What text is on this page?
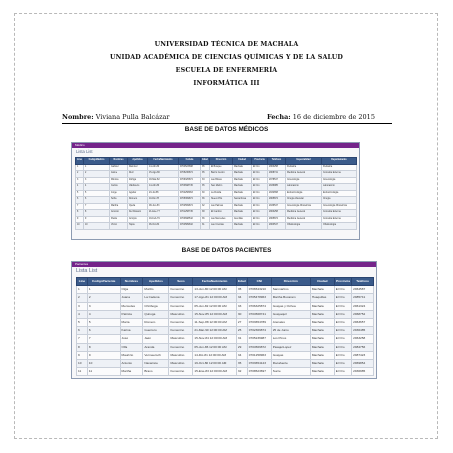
UNIVERSIDAD TÉCNICA DE MACHALA
UNIDAD ACADÉMICA DE CIENCIAS QUÍMICAS Y DE LA SALUD
ESCUELA DE ENFERMERÍA
INFORMÁTICA III
Nombre: Viviana Pulla Balcázar	Fecha: 16 de diciembre de 2015
BASE DE DATOS MÉDICOS
Médico
Lista List
Line	CodigoMedico	Nombres	Apellidos	FechaNacimiento	Cédula	Edad	Dirección	Ciudad	Provincia	Teléfono	Especialidad	Departamento
1	1	Gabriel	Ramírez	14-Abr-80	0704523698	35	El Bosque	Machala	El Oro	2963258	Pediatría	Pediatría
2	2	Jaime	Ruiz	15-Ago-80	0705236874	35	Barrio Centro	Machala	El Oro	2968741	Medicina General	Consulta Externa
3	3	Mónica	Zúñiga	18-Mar-82	0706325874	33	Las Brisas	Machala	El Oro	2978547	Ginecología	Ginecología
4	4	Carlos	Valdiviezo	14-Abr-80	0703698745	35	San Martín	Machala	El Oro	2936985	Laboratorio	Laboratorio
5	5	Jorge	Aguilar	23-Jul-85	0704258963	30	La Florida	Machala	El Oro	2932658	Endocrinología	Endocrinología
6	6	Sofía	Romero	10-Dic-78	0705369874	36	Nuevo Pilo	Santa Rosa	El Oro	2965874	Cirugía Vascular	Cirugía
7	7	Martha	Ojeda	08-Jun-83	0702569874	32	Las Palmas	Machala	El Oro	2936547	Ginecología Obstetricia	Ginecología Obstetricia
8	8	Antonio	Del Rosario	21-Ene-77	0701258745	38	El Cambio	Machala	El Oro	2963258	Medicina General	Consulta Externa
9	9	Paola	Armijos	19-Feb-79	0703698542	36	Las Mercedes	Arenillas	El Oro	2965874	Medicina General	Consulta Externa
10	10	Víctor	Tapia	06-Oct-84	0704589632	31	Las Crucitas	Machala	El Oro	2963547	Oftalmología	Oftalmología
BASE DE DATOS PACIENTES
Pacientes
Lista List
Line	CodigoPaciente	Nombres	Apellidos	Sexo	FechaNacimiento	Edad	CNI	Dirección	Ciudad	Provincia	Teléfono
1	1	Olga	Murillo	Femenino	13-Jun-80 12:00:00 AM	35	0706543210	Sanmartino	Machala	El Oro	2964587
2	2	Juana	La Cadena	Femenino	17-Ago-81 12:00:00 AM	34	0705478963	Martha Bucaram	Huaquillas	El Oro	2985741
3	3	Mercedes	Chiriboga	Femenino	05-Jun-82 12:00:00 AM	33	0706325874	Guayas y Ochoa	Machala	El Oro	2961324
4	4	Patricia	Quiroga	Masculino	15-Nov-85 12:00:00 AM	30	0704568741	Guayaquil	Machala	El Oro	2968752
5	5	María	Romero	Femenino	11-Sep-88 12:00:00 AM	27	0703654789	Arenales	Machala	El Oro	2963657
6	6	Karina	Guerrero	Femenino	21-Mar-90 12:00:00 AM	25	0702369874	25 de Junio	Machala	El Oro	2936485
7	7	José	Jaén	Masculino	15-Nov-84 12:00:00 AM	31	0705236987	Los Pinos	Machala	El Oro	2963258
8	8	Olfa	Aranda	Femenino	05-Jun-86 12:00:00 AM	29	0704569872	Pasaje/Lopez	Machala	El Oro	2984756
9	9	Maurizio	Vermeersch	Masculino	14-Dic-81 12:00:00 AM	34	0701258963	Guayas	Machala	El Oro	2987423
10	10	Antonio	Navarrete	Masculino	19-Oct-80 12:00:00 AM	35	0703654123	Rocafuerte	Machala	El Oro	2969854
11	11	Martha	Bravo	Femenino	15-Ene-83 12:00:00 AM	32	0708523697	Sucre	Machala	El Oro	2936985
